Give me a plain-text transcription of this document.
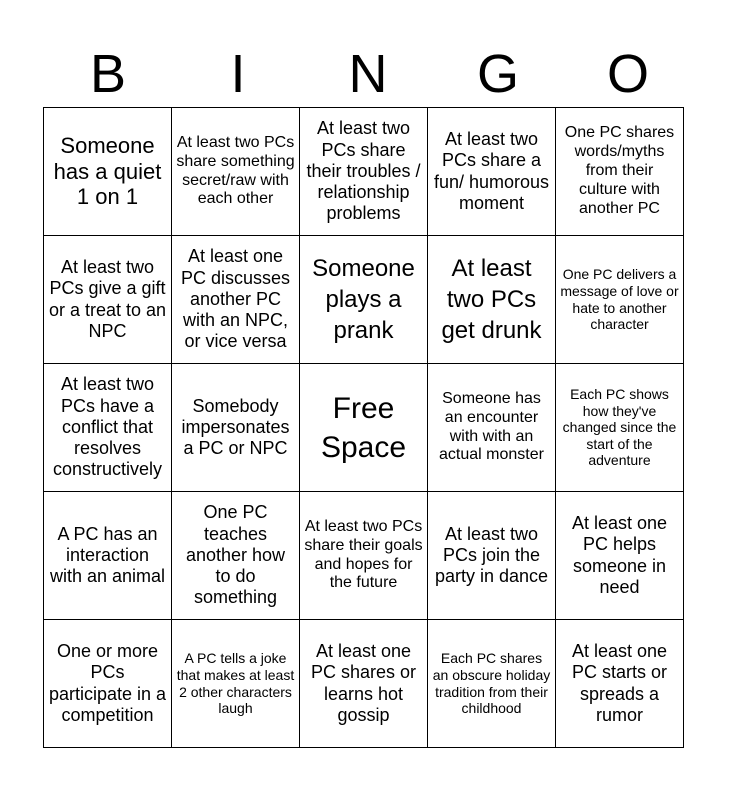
B	I	N	G	O
Someone has a quiet 1 on 1	At least two PCs share something secret/raw with each other	At least two PCs share their troubles / relationship problems	At least two PCs share a fun/ humorous moment	One PC shares words/myths from their culture with another PC

At least two PCs give a gift or a treat to an NPC	At least one PC discusses another PC with an NPC, or vice versa	Someone plays a prank	At least two PCs get drunk	One PC delivers a message of love or hate to another character

At least two PCs have a conflict that resolves constructively	Somebody impersonates a PC or NPC	Free Space	Someone has an encounter with with an actual monster	Each PC shows how they've changed since the start of the adventure

A PC has an interaction with an animal	One PC teaches another how to do something	At least two PCs share their goals and hopes for the future	At least two PCs join the party in dance	At least one PC helps someone in need

One or more PCs participate in a competition	A PC tells a joke that makes at least 2 other characters laugh	At least one PC shares or learns hot gossip	Each PC shares an obscure holiday tradition from their childhood	At least one PC starts or spreads a rumor
